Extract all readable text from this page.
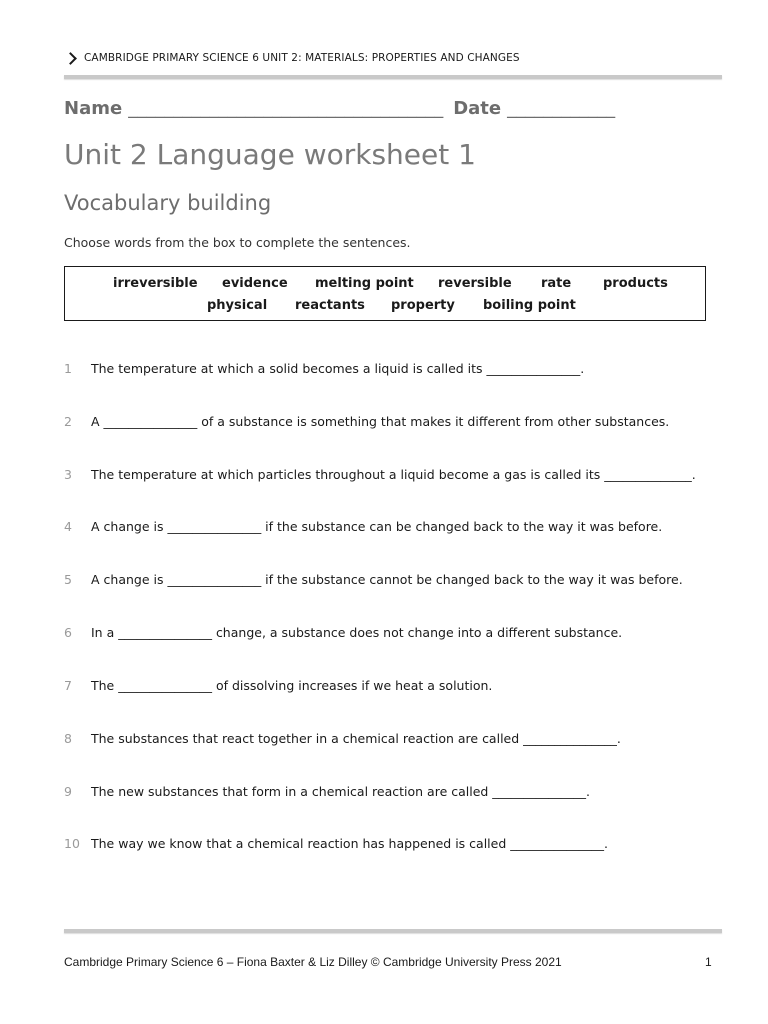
CAMBRIDGE PRIMARY SCIENCE 6 UNIT 2: MATERIALS: PROPERTIES AND CHANGES
Name ___________________________________ Date ____________
Unit 2 Language worksheet 1
Vocabulary building
Choose words from the box to complete the sentences.
irreversible evidence melting point reversible rate products
physical reactants property boiling point
1 The temperature at which a solid becomes a liquid is called its _______________.
2 A _______________ of a substance is something that makes it different from other substances.
3 The temperature at which particles throughout a liquid become a gas is called its ______________.
4 A change is _______________ if the substance can be changed back to the way it was before.
5 A change is _______________ if the substance cannot be changed back to the way it was before.
6 In a _______________ change, a substance does not change into a different substance.
7 The _______________ of dissolving increases if we heat a solution.
8 The substances that react together in a chemical reaction are called _______________.
9 The new substances that form in a chemical reaction are called _______________.
10 The way we know that a chemical reaction has happened is called _______________.
Cambridge Primary Science 6 – Fiona Baxter & Liz Dilley © Cambridge University Press 2021	1
